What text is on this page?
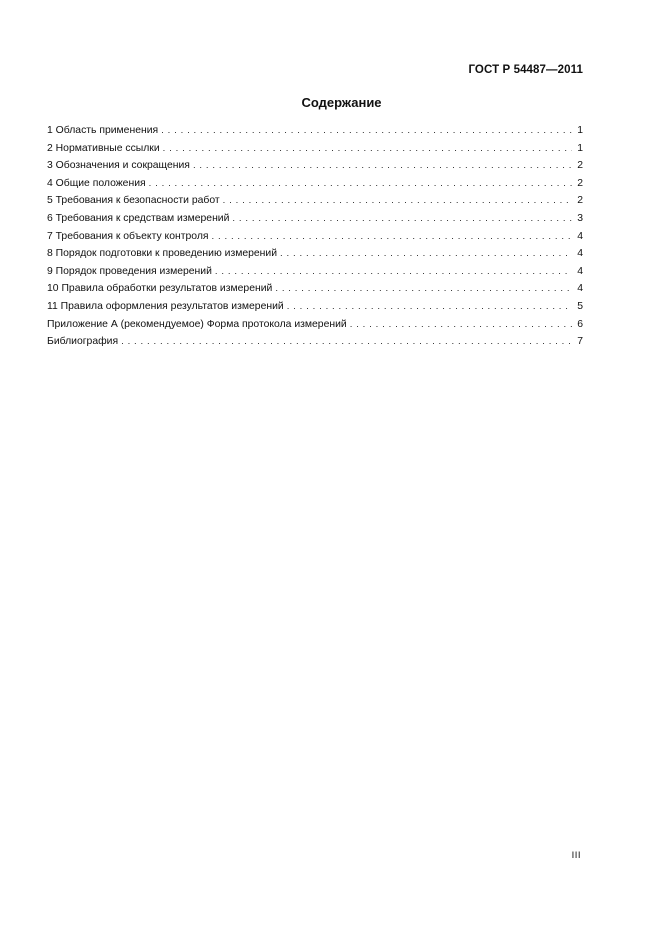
ГОСТ Р 54487—2011
Содержание
1 Область применения . . .	1
2 Нормативные ссылки . . .	1
3 Обозначения и сокращения . . .	2
4 Общие положения . . .	2
5 Требования к безопасности работ . . .	2
6 Требования к средствам измерений . . .	3
7 Требования к объекту контроля . . .	4
8 Порядок подготовки к проведению измерений . . .	4
9 Порядок проведения измерений . . .	4
10 Правила обработки результатов измерений . . .	4
11 Правила оформления результатов измерений . . .	5
Приложение А (рекомендуемое) Форма протокола измерений . . .	6
Библиография . . .	7
III
